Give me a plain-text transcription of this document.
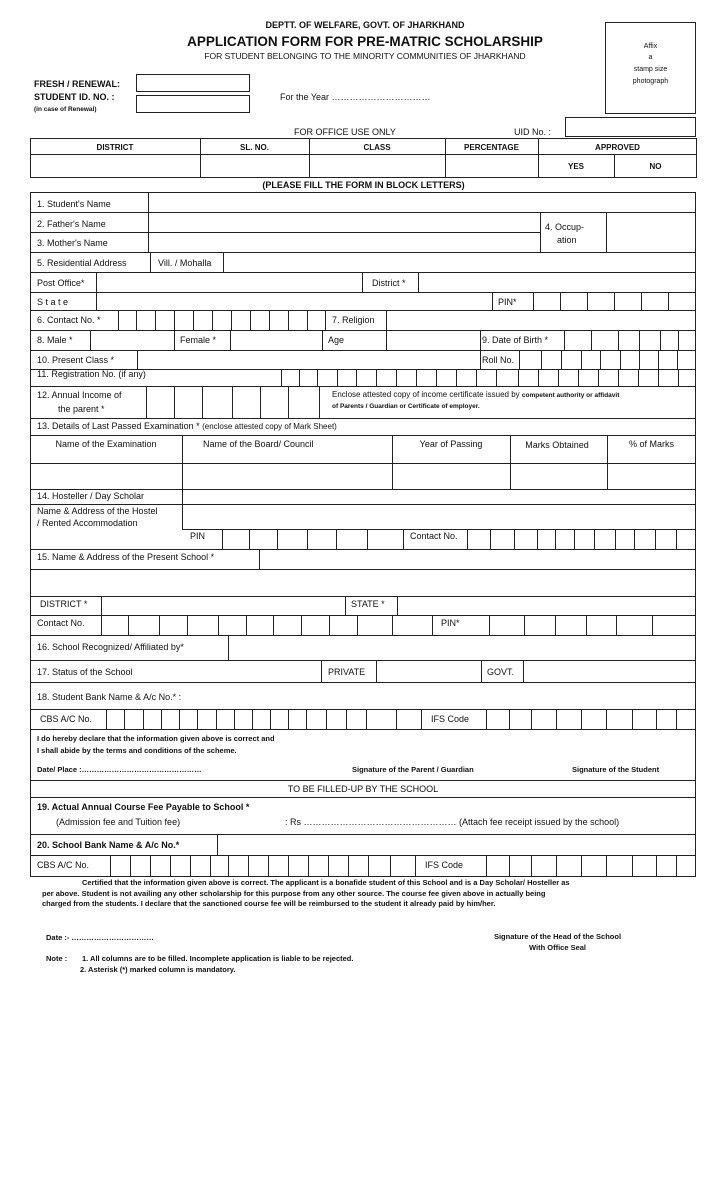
DEPTT. OF WELFARE, GOVT. OF JHARKHAND
APPLICATION FORM FOR PRE-MATRIC SCHOLARSHIP
FOR STUDENT BELONGING TO THE MINORITY COMMUNITIES OF JHARKHAND
Affix
a
stamp size
photograph
FRESH / RENEWAL:
STUDENT ID. NO. :
(in case of Renewal)
For the Year ……………………………
FOR OFFICE USE ONLY	UID No. :
DISTRICT	SL. NO.	CLASS	PERCENTAGE	APPROVED
YES	NO
(PLEASE FILL THE FORM IN BLOCK LETTERS)
1. Student's Name
2. Father's Name
3. Mother's Name
4. Occup-
ation
5. Residential Address	Vill. / Mohalla
Post Office*	District *
S t a t e	PIN*
6. Contact No. *	7. Religion
8. Male *	Female *	Age	9. Date of Birth *
10. Present Class *	Roll No.
11. Registration No. (if any)
12. Annual Income of
the parent *
Enclose attested copy of income certificate issued by competent authority or affidavit
of Parents / Guardian or Certificate of employer.
13. Details of Last Passed Examination * (enclose attested copy of Mark Sheet)
Name of the Examination	Name of the Board/ Council	Year of Passing	Marks Obtained	% of Marks
14. Hosteller / Day Scholar
Name & Address of the Hostel
/ Rented Accommodation
PIN	Contact No.
15. Name & Address of the Present School *
DISTRICT *	STATE *
Contact No.	PIN*
16. School Recognized/ Affiliated by*
17. Status of the School	PRIVATE	GOVT.
18. Student Bank Name & A/c No.* :
CBS A/C No.	IFS Code
I do hereby declare that the information given above is correct and
I shall abide by the terms and conditions of the scheme.
Date/ Place :…………………………………………	Signature of the Parent / Guardian	Signature of the Student
TO BE FILLED-UP BY THE SCHOOL
19. Actual Annual Course Fee Payable to School *
(Admission fee and Tuition fee)	: Rs …………………………………………… (Attach fee receipt issued by the school)
20. School Bank Name & A/c No.*
CBS A/C No.	IFS Code
Certified that the information given above is correct. The applicant is a bonafide student of this School and is a Day Scholar/ Hosteller as
per above. Student is not availing any other scholarship for this purpose from any other source. The course fee given above in actually being
charged from the students. I declare that the sanctioned course fee will be reimbursed to the student it already paid by him/her.
Date :- ……………………………	Signature of the Head of the School
With Office Seal
Note : 1. All columns are to be filled. Incomplete application is liable to be rejected.
2. Asterisk (*) marked column is mandatory.
